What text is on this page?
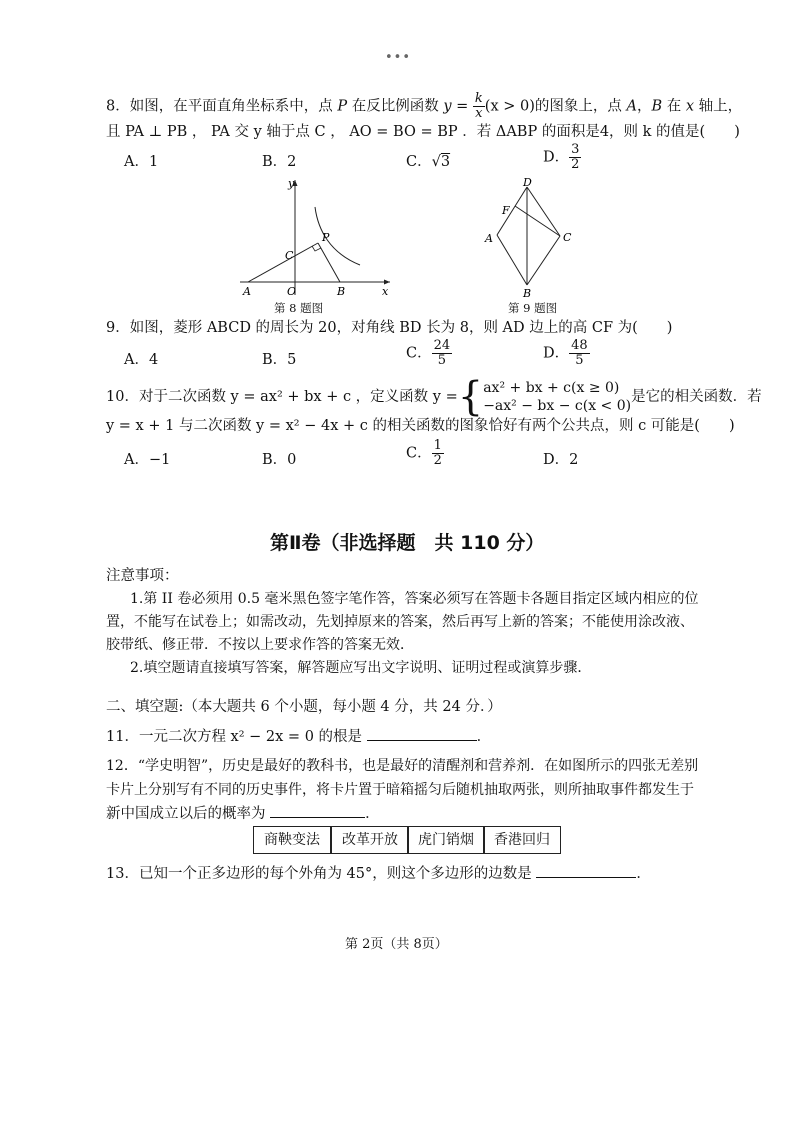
•••
8．如图，在平面直角坐标系中，点 P 在反比例函数 $y = \frac{k}{x} (x > 0)$的图象上，点 A，B 在 x 轴上，
且 PA ⊥ PB ， PA 交 y 轴于点 C ， AO = BO = BP ．若 ΔABP 的面积是4，则 k 的值是(　　)
A．1	B．2	C．√3	D． $\frac{3}{2}$
y
x
P
C
A	O	B
第 8 题图
D
F
A	C
B
第 9 题图
9．如图，菱形 ABCD 的周长为 20，对角线 BD 长为 8，则 AD 边上的高 CF 为(　　)
A．4	B．5	C． $\frac{24}{5}$	D． $\frac{48}{5}$
10．对于二次函数 y = ax² + bx + c ，定义函数 y ={ ax² + bx + c(x ≥ 0)
−ax² − bx − c(x < 0)
是它的相关函数．若
y = x + 1 与二次函数 y = x² − 4x + c 的相关函数的图象恰好有两个公共点，则 c 可能是(　　)
A．−1	B．0	C． $\frac{1}{2}$	D．2
第Ⅱ卷（非选择题　共 110 分）
注意事项：
1.第 II 卷必须用 0.5 毫米黑色签字笔作答，答案必须写在答题卡各题目指定区域内相应的位
置，不能写在试卷上；如需改动，先划掉原来的答案，然后再写上新的答案；不能使用涂改液、
胶带纸、修正带．不按以上要求作答的答案无效．
2.填空题请直接填写答案，解答题应写出文字说明、证明过程或演算步骤．
二、填空题:（本大题共 6 个小题，每小题 4 分，共 24 分．）
11．一元二次方程 x² − 2x = 0 的根是	．
12．“学史明智”，历史是最好的教科书，也是最好的清醒剂和营养剂．在如图所示的四张无差别
卡片上分别写有不同的历史事件，将卡片置于暗箱摇匀后随机抽取两张，则所抽取事件都发生于
新中国成立以后的概率为	．
商鞅变法	改革开放	虎门销烟	香港回归
13．已知一个正多边形的每个外角为 45°，则这个多边形的边数是	．
第 2页（共 8页）
